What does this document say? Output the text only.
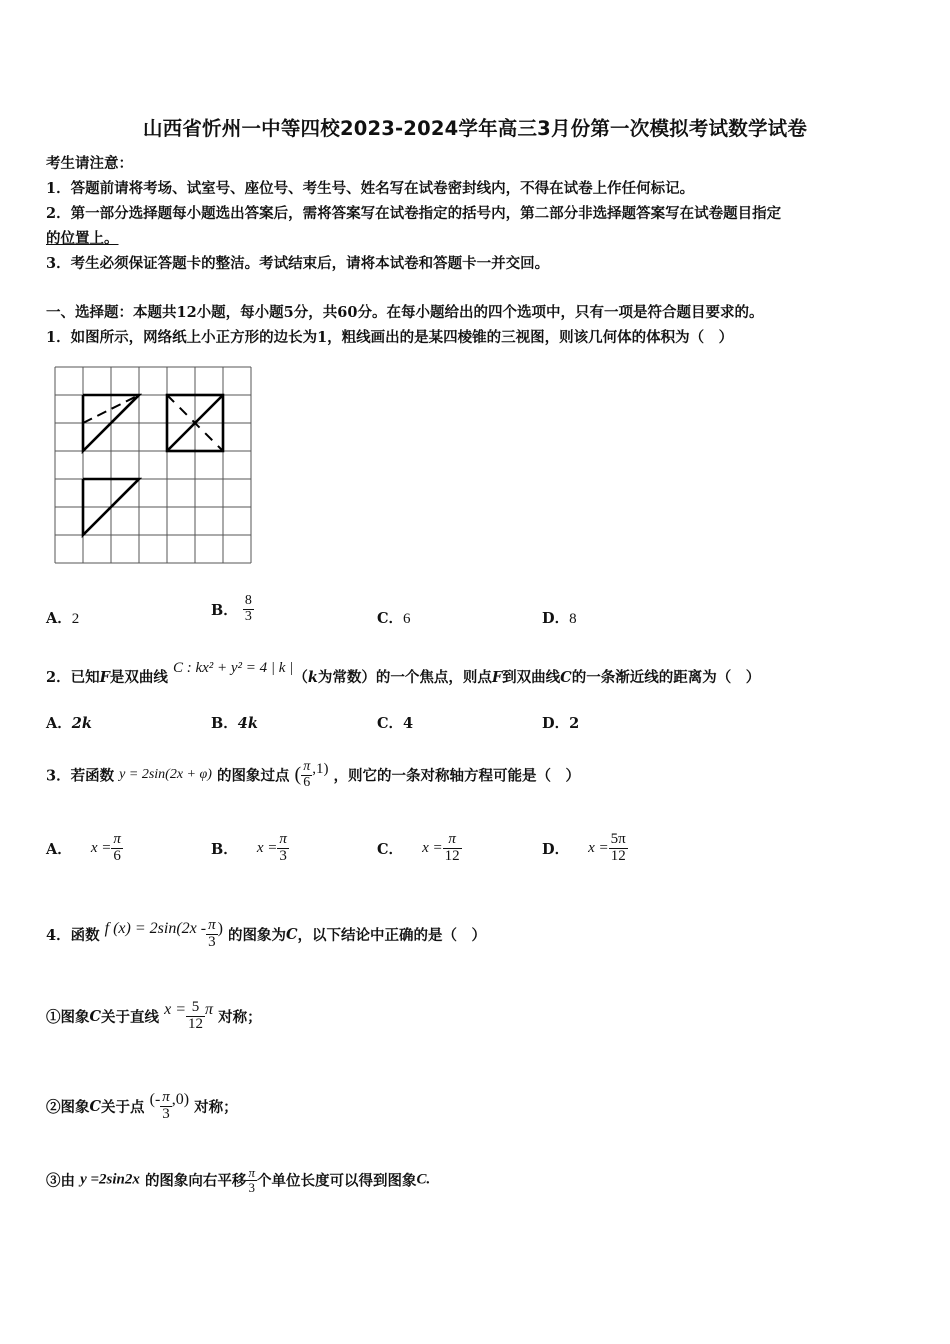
山西省忻州一中等四校2023-2024学年高三3月份第一次模拟考试数学试卷
考生请注意：
1．答题前请将考场、试室号、座位号、考生号、姓名写在试卷密封线内，不得在试卷上作任何标记。
2．第一部分选择题每小题选出答案后，需将答案写在试卷指定的括号内，第二部分非选择题答案写在试卷题目指定
的位置上。
3．考生必须保证答题卡的整洁。考试结束后，请将本试卷和答题卡一并交回。
一、选择题：本题共12小题，每小题5分，共60分。在每小题给出的四个选项中，只有一项是符合题目要求的。
1．如图所示，网络纸上小正方形的边长为1，粗线画出的是某四棱锥的三视图，则该几何体的体积为（　）
A．2
B． $\frac{8}{3}$	C．6	D．8
2．已知F是双曲线 C : kx² + y² = 4 | k |（k为常数）的一个焦点，则点F到双曲线C的一条渐近线的距离为（　）
A．2k	B．4k	C．4	D．2
3．若函数 y = 2sin(2x + φ) 的图象过点 ( $\frac{\pi}{6} ,1$) ，则它的一条对称轴方程可能是（　）
A． $x = \frac{\pi}{6}$	B． $x = \frac{\pi}{3}$	C． $x = \frac{\pi}{12}$	D． $x = \frac{5\pi}{12}$
4．函数 f $(x) = 2\sin(2x - \frac{\pi}{3}$ ) 的图象为C，以下结论中正确的是（　）
①图象C关于直线 $x = \frac{5}{12}$ π 对称；
②图象C关于点 (- $\frac{\pi}{3} ,0$) 对称；
③由 y =2sin2x 的图象向右平移 $\frac{\pi}{3}$ 个单位长度可以得到图象C.
